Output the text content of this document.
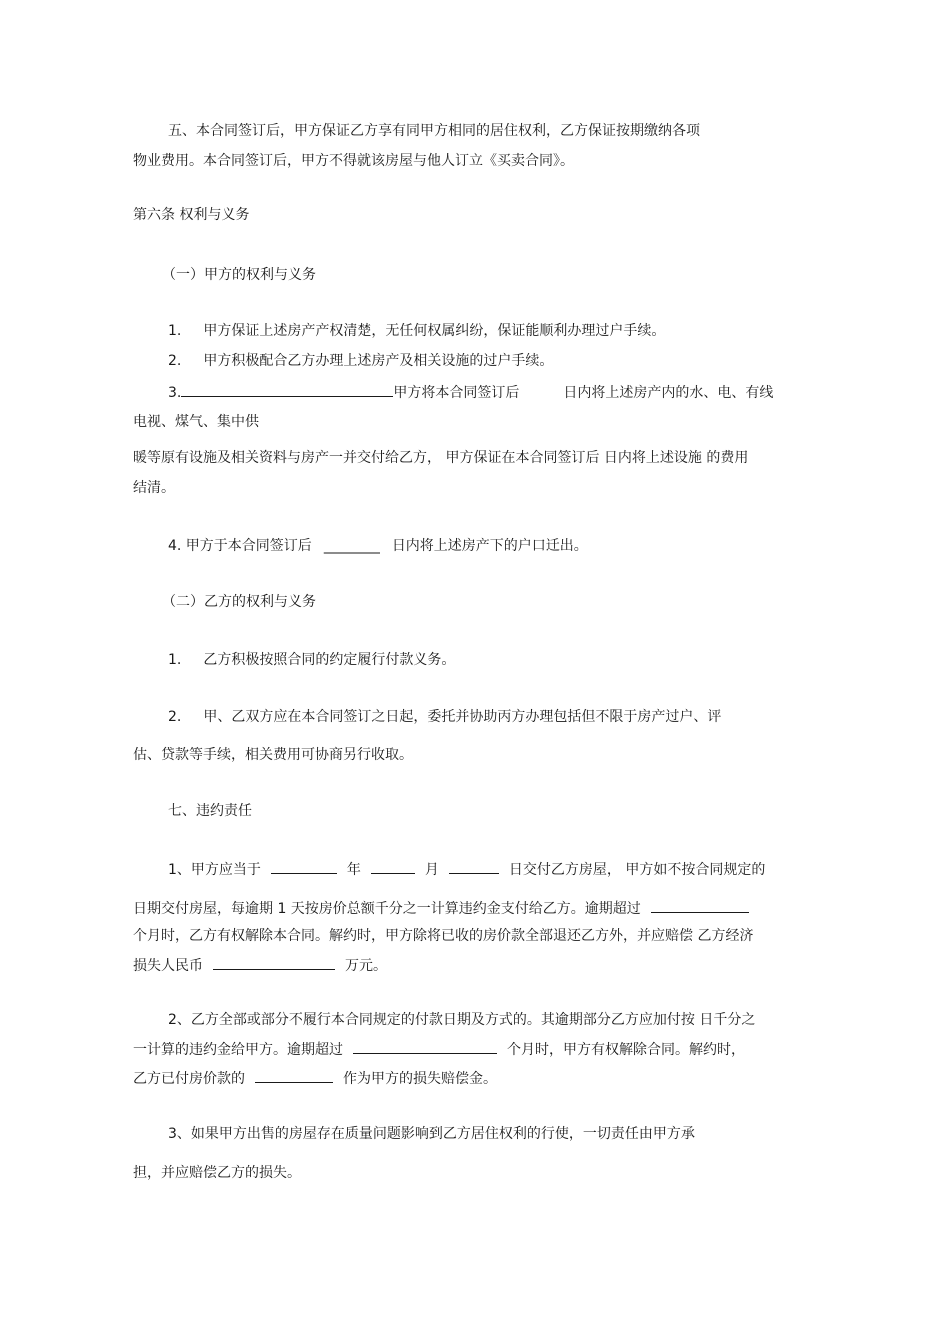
五、本合同签订后，甲方保证乙方享有同甲方相同的居住权利，乙方保证按期缴纳各项
物业费用。本合同签订后，甲方不得就该房屋与他人订立《买卖合同》。
第六条 权利与义务
（一）甲方的权利与义务
1. 甲方保证上述房产产权清楚，无任何权属纠纷，保证能顺利办理过户手续。
2. 甲方积极配合乙方办理上述房产及相关设施的过户手续。
3.	甲方将本合同签订后	日内将上述房产内的水、电、有线
电视、煤气、集中供
暖等原有设施及相关资料与房产一并交付给乙方， 甲方保证在本合同签订后 日内将上述设施 的费用
结清。
4. 甲方于本合同签订后 ________ 日内将上述房产下的户口迁出。
（二）乙方的权利与义务
1. 乙方积极按照合同的约定履行付款义务。
2. 甲、乙双方应在本合同签订之日起，委托并协助丙方办理包括但不限于房产过户、评
估、贷款等手续，相关费用可协商另行收取。
七、违约责任
1、甲方应当于	年	月	日交付乙方房屋， 甲方如不按合同规定的
日期交付房屋，每逾期 1 天按房价总额千分之一计算违约金支付给乙方。逾期超过
个月时，乙方有权解除本合同。解约时，甲方除将已收的房价款全部退还乙方外，并应赔偿 乙方经济
损失人民币	万元。
2、乙方全部或部分不履行本合同规定的付款日期及方式的。其逾期部分乙方应加付按 日千分之
一计算的违约金给甲方。逾期超过	个月时，甲方有权解除合同。解约时，
乙方已付房价款的	作为甲方的损失赔偿金。
3、如果甲方出售的房屋存在质量问题影响到乙方居住权利的行使，一切责任由甲方承
担，并应赔偿乙方的损失。
